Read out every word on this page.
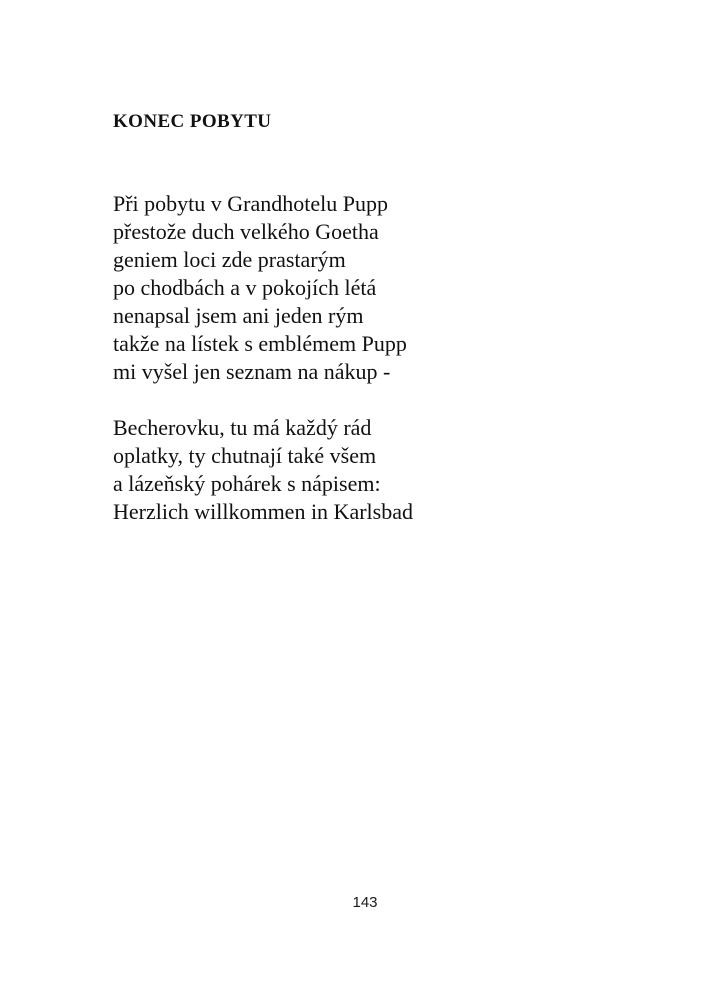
KONEC POBYTU
Při pobytu v Grandhotelu Pupp
přestože duch velkého Goetha
geniem loci zde prastarým
po chodbách a v pokojích létá
nenapsal jsem ani jeden rým
takže na lístek s emblémem Pupp
mi vyšel jen seznam na nákup -
Becherovku, tu má každý rád
oplatky, ty chutnají také všem
a lázeňský pohárek s nápisem:
Herzlich willkommen in Karlsbad
143
